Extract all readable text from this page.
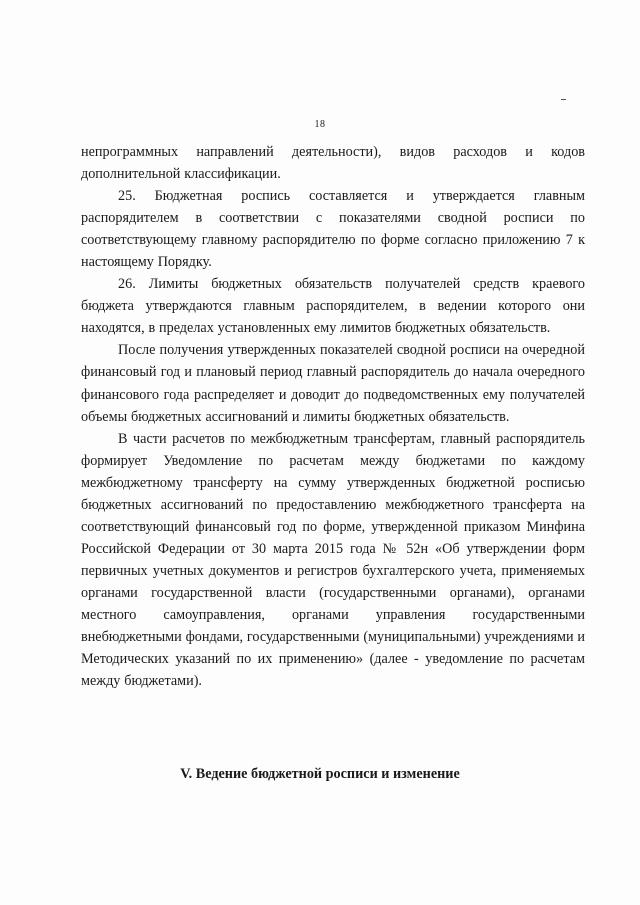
18

непрограммных направлений деятельности), видов расходов и кодов дополнительной классификации.

25. Бюджетная роспись составляется и утверждается главным распорядителем в соответствии с показателями сводной росписи по соответствующему главному распорядителю по форме согласно приложению 7 к настоящему Порядку.

26. Лимиты бюджетных обязательств получателей средств краевого бюджета утверждаются главным распорядителем, в ведении которого они находятся, в пределах установленных ему лимитов бюджетных обязательств.

После получения утвержденных показателей сводной росписи на очередной финансовый год и плановый период главный распорядитель до начала очередного финансового года распределяет и доводит до подведомственных ему получателей объемы бюджетных ассигнований и лимиты бюджетных обязательств.

В части расчетов по межбюджетным трансфертам, главный распорядитель формирует Уведомление по расчетам между бюджетами по каждому межбюджетному трансферту на сумму утвержденных бюджетной росписью бюджетных ассигнований по предоставлению межбюджетного трансферта на соответствующий финансовый год по форме, утвержденной приказом Минфина Российской Федерации от 30 марта 2015 года № 52н «Об утверждении форм первичных учетных документов и регистров бухгалтерского учета, применяемых органами государственной власти (государственными органами), органами местного самоуправления, органами управления государственными внебюджетными фондами, государственными (муниципальными) учреждениями и Методических указаний по их применению» (далее - уведомление по расчетам между бюджетами).

V. Ведение бюджетной росписи и изменение
